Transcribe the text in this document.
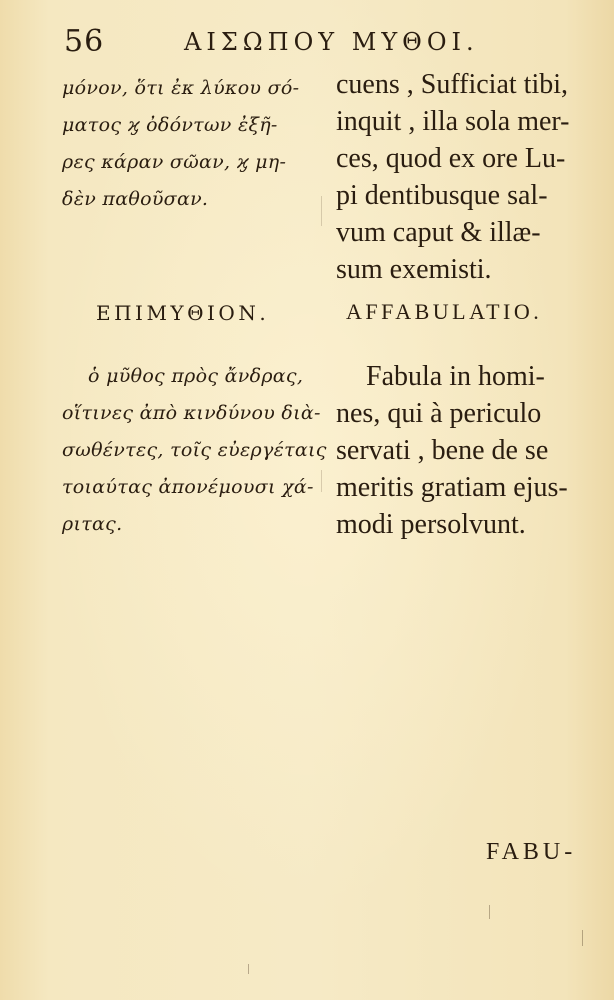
56	ΑΙΣΩΠΟΥ ΜΥΘΟΙ.
μόνον, ὅτι ἐκ λύκου σό-
ματος ϗ ὀδόντων ἐξῆ-
ρες κάραν σῶαν, ϗ μη-
δὲν παθοῦσαν.
cuens , Sufficiat tibi,
inquit , illa sola mer-
ces, quod ex ore Lu-
pi dentibusque sal-
vum caput & illæ-
sum exemisti.
ΕΠΙΜΥΘΙΟΝ.	AFFABULATIO.
ὁ μῦθος πρὸς ἄνδρας,
οἵτινες ἀπὸ κινδύνου διὰ-
σωθέντες, τοῖς εὐεργέταις
τοιαύτας ἀπονέμουσι χά-
ριτας.
Fabula in homi-
nes, qui à periculo
servati , bene de se
meritis gratiam ejus-
modi persolvunt.
FABU-
